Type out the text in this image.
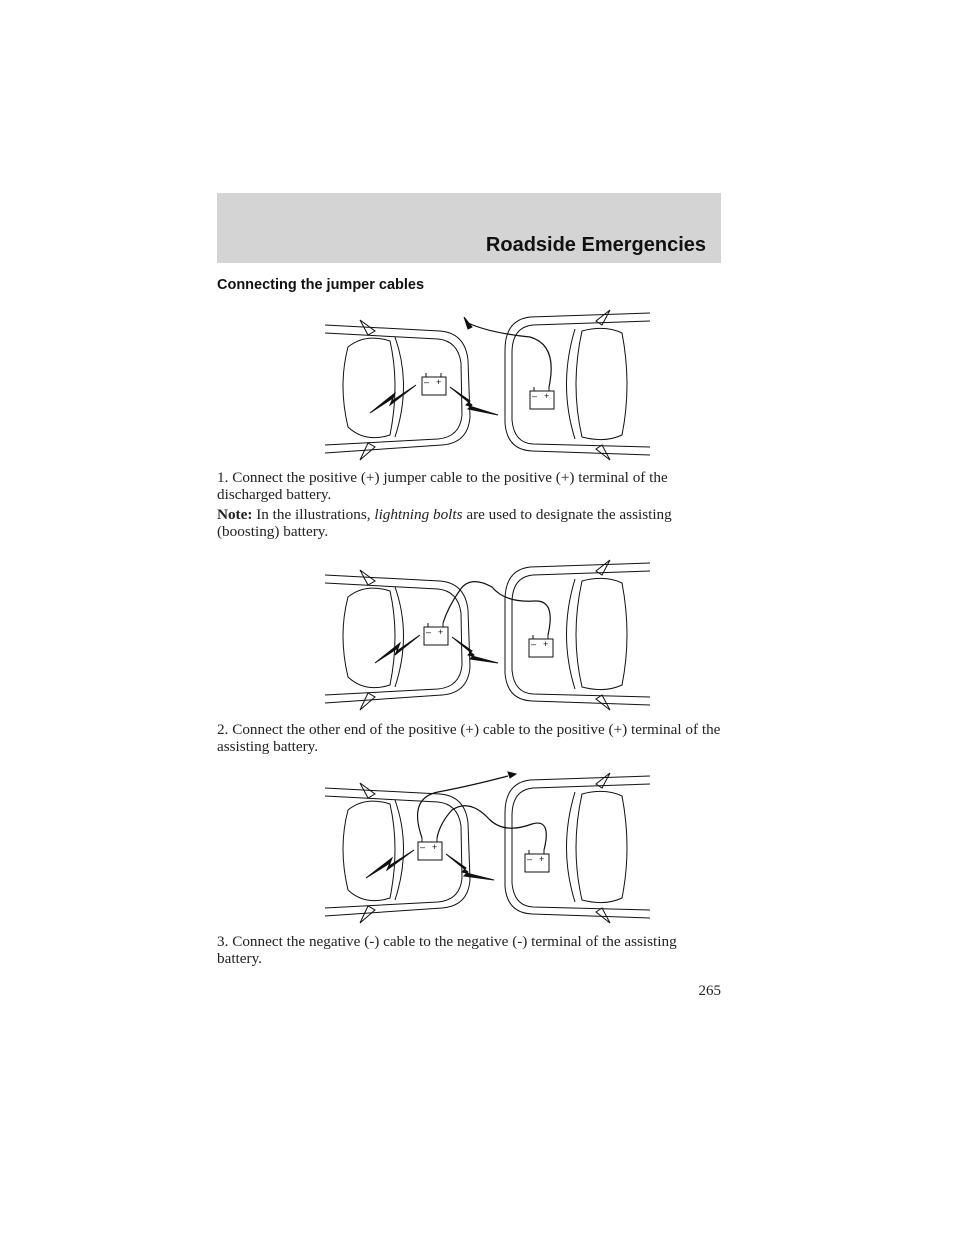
Roadside Emergencies
Connecting the jumper cables
– +
– +

1. Connect the positive (+) jumper cable to the positive (+) terminal of the discharged battery.

Note: In the illustrations, lightning bolts are used to designate the assisting (boosting) battery.

– +
– +

2. Connect the other end of the positive (+) cable to the positive (+) terminal of the assisting battery.

– +
– +

3. Connect the negative (-) cable to the negative (-) terminal of the assisting battery.

265
